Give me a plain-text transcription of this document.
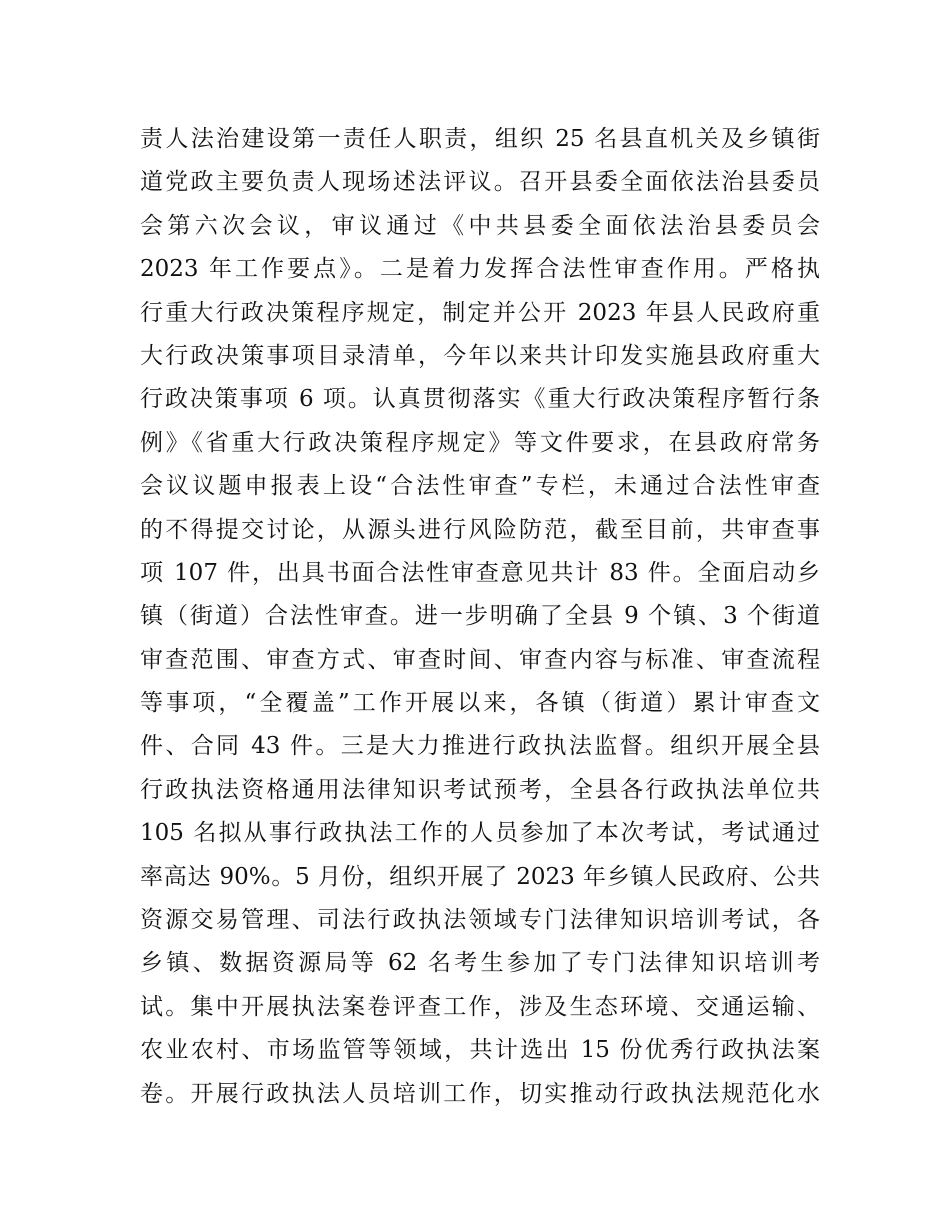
责人法治建设第一责任人职责，组织 25 名县直机关及乡镇街
道党政主要负责人现场述法评议。召开县委全面依法治县委员
会第六次会议，审议通过《中共县委全面依法治县委员会
2023 年工作要点》。二是着力发挥合法性审查作用。严格执
行重大行政决策程序规定，制定并公开 2023 年县人民政府重
大行政决策事项目录清单，今年以来共计印发实施县政府重大
行政决策事项 6 项。认真贯彻落实《重大行政决策程序暂行条
例》《省重大行政决策程序规定》等文件要求，在县政府常务
会议议题申报表上设“合法性审查”专栏，未通过合法性审查
的不得提交讨论，从源头进行风险防范，截至目前，共审查事
项 107 件，出具书面合法性审查意见共计 83 件。全面启动乡
镇（街道）合法性审查。进一步明确了全县 9 个镇、3 个街道
审查范围、审查方式、审查时间、审查内容与标准、审查流程
等事项，“全覆盖”工作开展以来，各镇（街道）累计审查文
件、合同 43 件。三是大力推进行政执法监督。组织开展全县
行政执法资格通用法律知识考试预考，全县各行政执法单位共
105 名拟从事行政执法工作的人员参加了本次考试，考试通过
率高达 90%。5 月份，组织开展了 2023 年乡镇人民政府、公共
资源交易管理、司法行政执法领域专门法律知识培训考试，各
乡镇、数据资源局等 62 名考生参加了专门法律知识培训考
试。集中开展执法案卷评查工作，涉及生态环境、交通运输、
农业农村、市场监管等领域，共计选出 15 份优秀行政执法案
卷。开展行政执法人员培训工作，切实推动行政执法规范化水
